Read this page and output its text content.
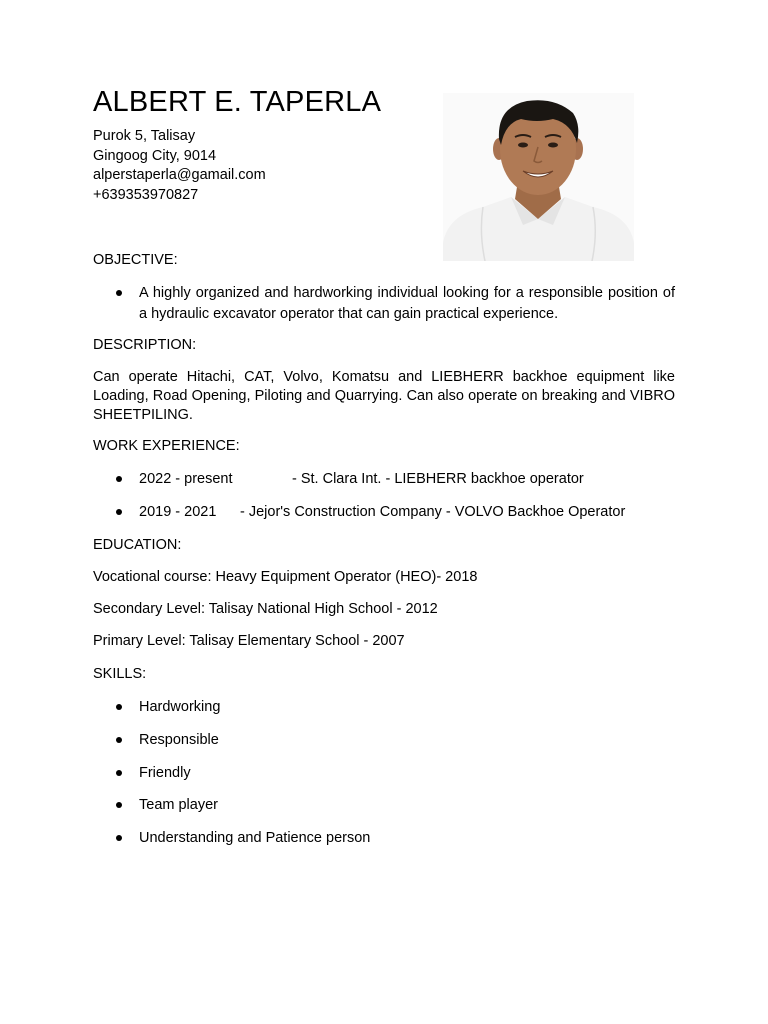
ALBERT E. TAPERLA
Purok 5, Talisay
Gingoog City, 9014
alperstaperla@gamail.com
+639353970827
OBJECTIVE:
A highly organized and hardworking individual looking for a responsible position of a hydraulic excavator operator that can gain practical experience.
DESCRIPTION:

Can operate Hitachi, CAT, Volvo, Komatsu and LIEBHERR backhoe equipment like Loading, Road Opening, Piloting and Quarrying. Can also operate on breaking and VIBRO SHEETPILING.

WORK EXPERIENCE:
2022 - present	- St. Clara Int. - LIEBHERR backhoe operator
2019 - 2021 - Jejor's Construction Company - VOLVO Backhoe Operator
EDUCATION:

Vocational course: Heavy Equipment Operator (HEO)- 2018

Secondary Level: Talisay National High School - 2012

Primary Level: Talisay Elementary School - 2007

SKILLS:
Hardworking
Responsible
Friendly
Team player
Understanding and Patience person
